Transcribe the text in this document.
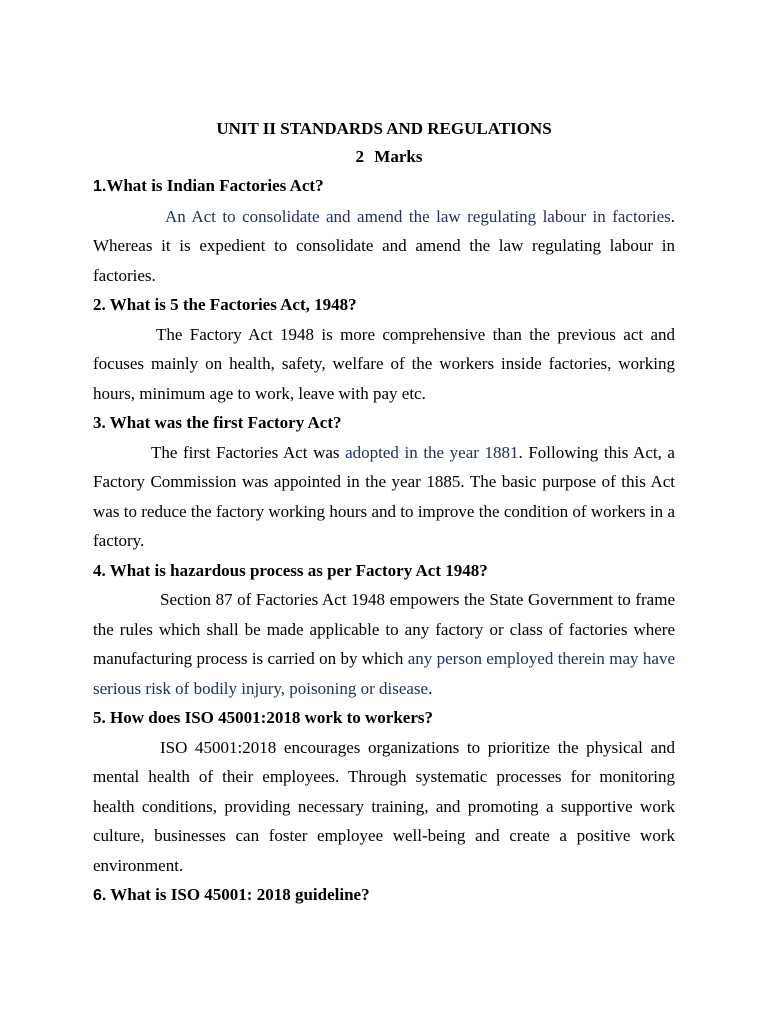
UNIT II STANDARDS AND REGULATIONS
2 Marks

1.What is Indian Factories Act?

An Act to consolidate and amend the law regulating labour in factories. Whereas it is expedient to consolidate and amend the law regulating labour in factories.

2. What is 5 the Factories Act, 1948?

The Factory Act 1948 is more comprehensive than the previous act and focuses mainly on health, safety, welfare of the workers inside factories, working hours, minimum age to work, leave with pay etc.

3. What was the first Factory Act?

The first Factories Act was adopted in the year 1881. Following this Act, a Factory Commission was appointed in the year 1885. The basic purpose of this Act was to reduce the factory working hours and to improve the condition of workers in a factory.

4. What is hazardous process as per Factory Act 1948?

Section 87 of Factories Act 1948 empowers the State Government to frame the rules which shall be made applicable to any factory or class of factories where manufacturing process is carried on by which any person employed therein may have serious risk of bodily injury, poisoning or disease.

5. How does ISO 45001:2018 work to workers?

ISO 45001:2018 encourages organizations to prioritize the physical and mental health of their employees. Through systematic processes for monitoring health conditions, providing necessary training, and promoting a supportive work culture, businesses can foster employee well-being and create a positive work environment.

6. What is ISO 45001: 2018 guideline?
